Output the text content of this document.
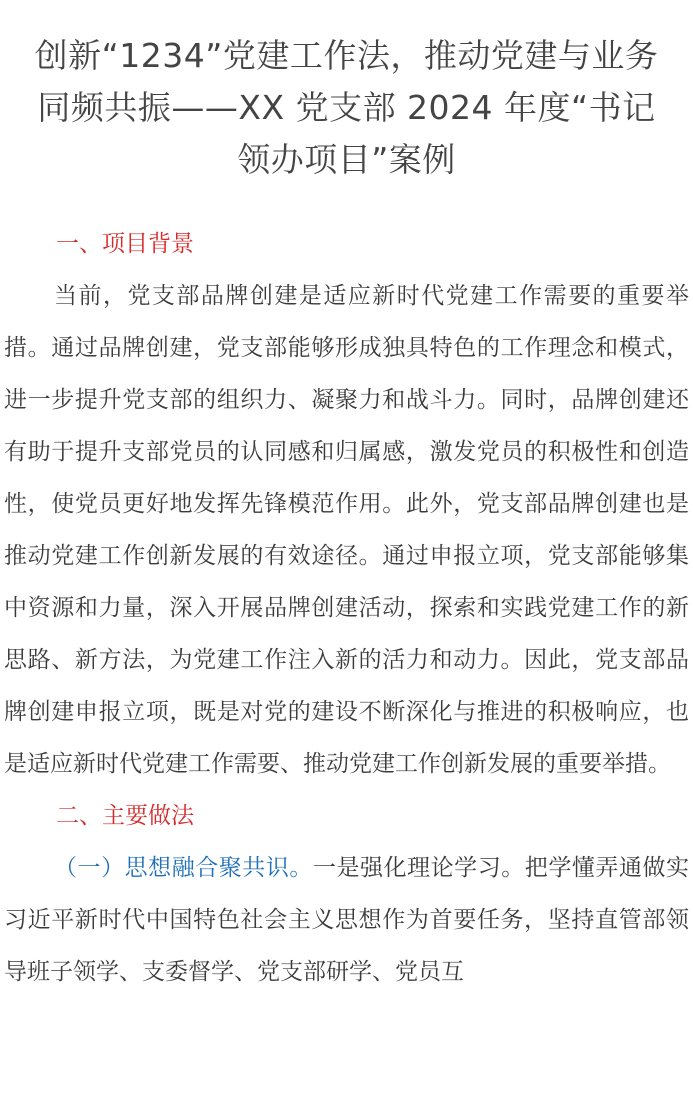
创新“1234”党建工作法，推动党建与业务
同频共振——XX 党支部 2024 年度“书记
领办项目”案例
一、项目背景

当前，党支部品牌创建是适应新时代党建工作需要的重要举措。通过品牌创建，党支部能够形成独具特色的工作理念和模式，进一步提升党支部的组织力、凝聚力和战斗力。同时，品牌创建还有助于提升支部党员的认同感和归属感，激发党员的积极性和创造性，使党员更好地发挥先锋模范作用。此外，党支部品牌创建也是推动党建工作创新发展的有效途径。通过申报立项，党支部能够集中资源和力量，深入开展品牌创建活动，探索和实践党建工作的新思路、新方法，为党建工作注入新的活力和动力。因此，党支部品牌创建申报立项，既是对党的建设不断深化与推进的积极响应，也是适应新时代党建工作需要、推动党建工作创新发展的重要举措。

二、主要做法

（一）思想融合聚共识。一是强化理论学习。把学懂弄通做实习近平新时代中国特色社会主义思想作为首要任务，坚持直管部领导班子领学、支委督学、党支部研学、党员互
